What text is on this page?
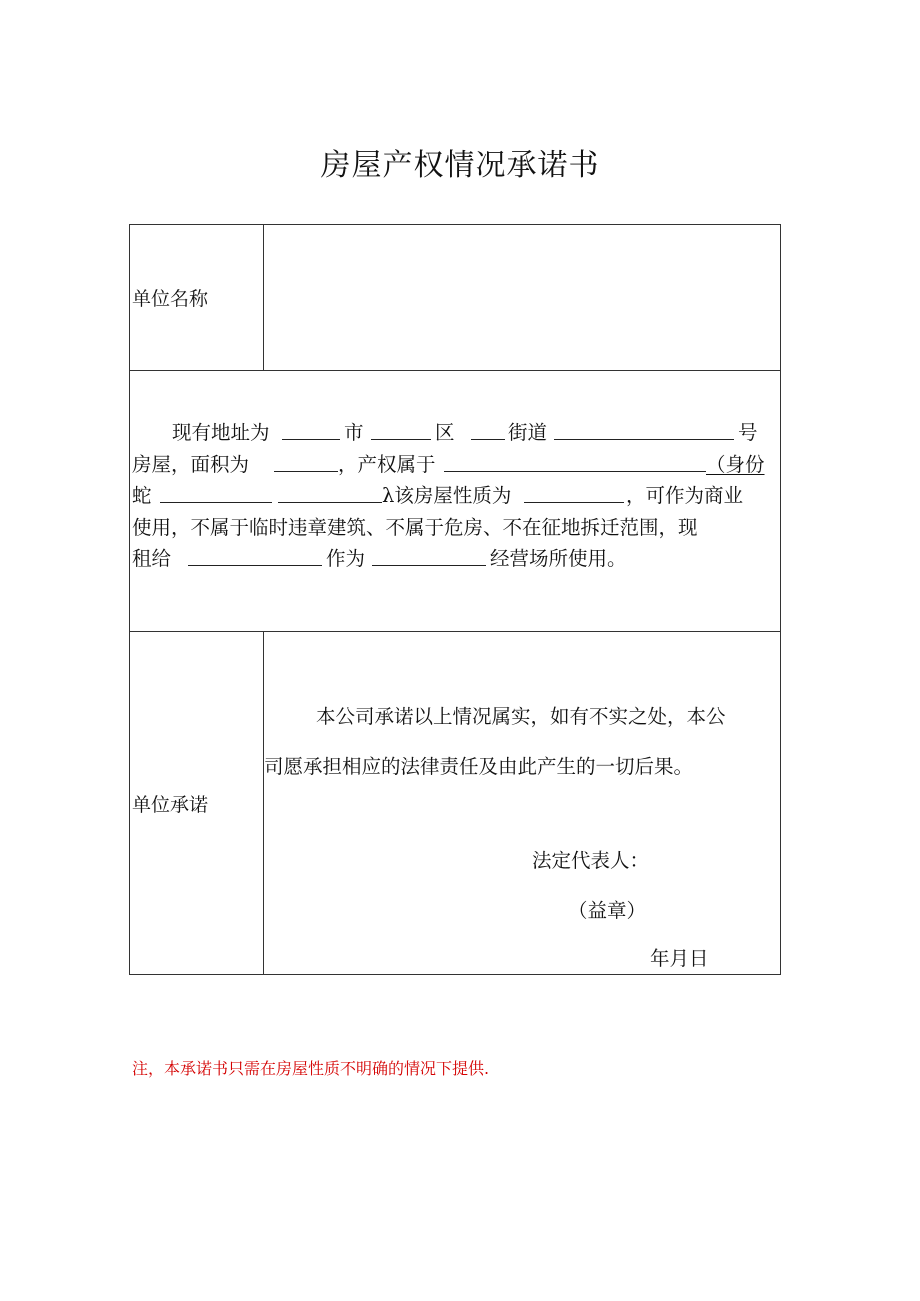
房屋产权情况承诺书
单位名称
现有地址为	市	区	街道	号
房屋，面积为	，产权属于	（身份
蛇	λ该房屋性质为	，可作为商业
使用，不属于临时违章建筑、不属于危房、不在征地拆迁范围，现
租给	作为	经营场所使用。
单位承诺
本公司承诺以上情况属实，如有不实之处，本公
司愿承担相应的法律责任及由此产生的一切后果。
法定代表人：
（益章）
年月日
注，本承诺书只需在房屋性质不明确的情况下提供.
